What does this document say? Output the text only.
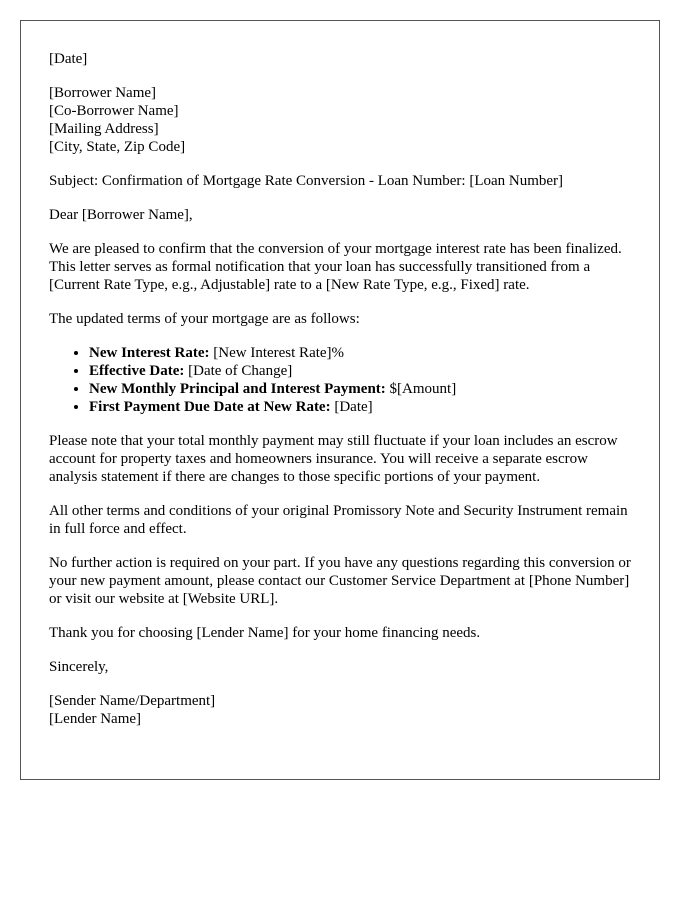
[Date]
[Borrower Name]
[Co-Borrower Name]
[Mailing Address]
[City, State, Zip Code]
Subject: Confirmation of Mortgage Rate Conversion - Loan Number: [Loan Number]
Dear [Borrower Name],

We are pleased to confirm that the conversion of your mortgage interest rate has been finalized. This letter serves as formal notification that your loan has successfully transitioned from a [Current Rate Type, e.g., Adjustable] rate to a [New Rate Type, e.g., Fixed] rate.

The updated terms of your mortgage are as follows:

• New Interest Rate: [New Interest Rate]%
• Effective Date: [Date of Change]
• New Monthly Principal and Interest Payment: $[Amount]
• First Payment Due Date at New Rate: [Date]

Please note that your total monthly payment may still fluctuate if your loan includes an escrow account for property taxes and homeowners insurance. You will receive a separate escrow analysis statement if there are changes to those specific portions of your payment.

All other terms and conditions of your original Promissory Note and Security Instrument remain in full force and effect.

No further action is required on your part. If you have any questions regarding this conversion or your new payment amount, please contact our Customer Service Department at [Phone Number] or visit our website at [Website URL].

Thank you for choosing [Lender Name] for your home financing needs.

Sincerely,
[Sender Name/Department]
[Lender Name]
